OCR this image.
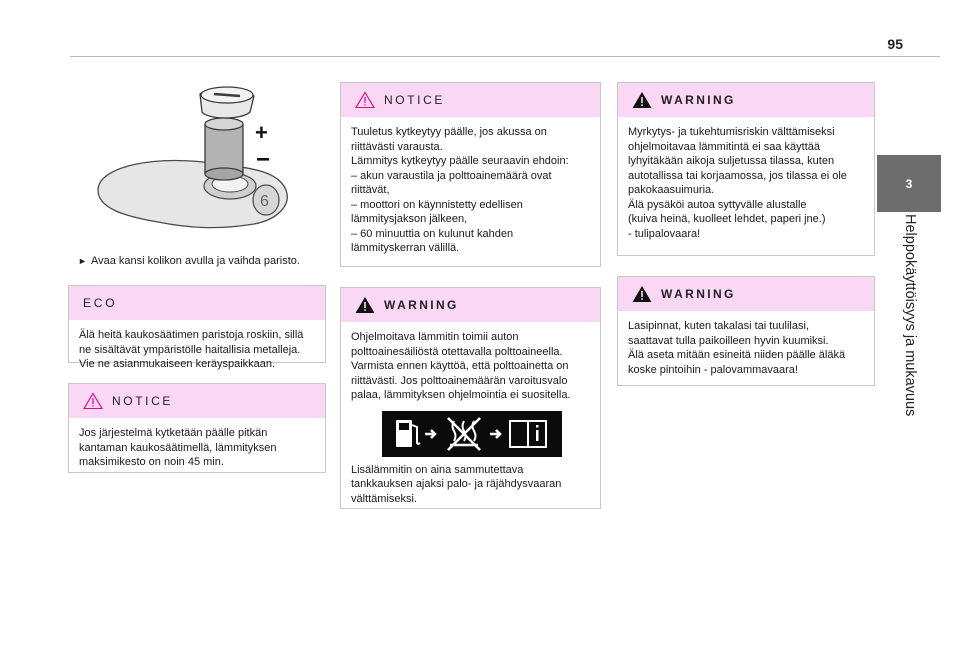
95
3
Helppokäyttöisyys ja mukavuus
6
+
► Avaa kansi kolikon avulla ja vaihda paristo.
ECO

Älä heitä kaukosäätimen paristoja roskiin, sillä

ne sisältävät ympäristölle haitallisia metalleja.

Vie ne asianmukaiseen keräyspaikkaan.

NOTICE

Jos järjestelmä kytketään päälle pitkän

kantaman kaukosäätimellä, lämmityksen

maksimikesto on noin 45 min.

NOTICE

Tuuletus kytkeytyy päälle, jos akussa on

riittävästi varausta.

Lämmitys kytkeytyy päälle seuraavin ehdoin:

– akun varaustila ja polttoainemäärä ovat

riittävät,

– moottori on käynnistetty edellisen

lämmitysjakson jälkeen,

– 60 minuuttia on kulunut kahden

lämmityskerran välillä.

WARNING

Ohjelmoitava lämmitin toimii auton

polttoainesäiliöstä otettavalla polttoaineella.

Varmista ennen käyttöä, että polttoainetta on

riittävästi. Jos polttoainemäärän varoitusvalo

palaa, lämmityksen ohjelmointia ei suositella.

Lisälämmitin on aina sammutettava

tankkauksen ajaksi palo- ja räjähdysvaaran

välttämiseksi.

WARNING

Myrkytys- ja tukehtumisriskin välttämiseksi

ohjelmoitavaa lämmitintä ei saa käyttää

lyhyitäkään aikoja suljetussa tilassa, kuten

autotallissa tai korjaamossa, jos tilassa ei ole

pakokaasuimuria.

Älä pysäköi autoa syttyvälle alustalle

(kuiva heinä, kuolleet lehdet, paperi jne.)

- tulipalovaara!

WARNING

Lasipinnat, kuten takalasi tai tuulilasi,

saattavat tulla paikoilleen hyvin kuumiksi.

Älä aseta mitään esineitä niiden päälle äläkä

koske pintoihin - palovammavaara!
